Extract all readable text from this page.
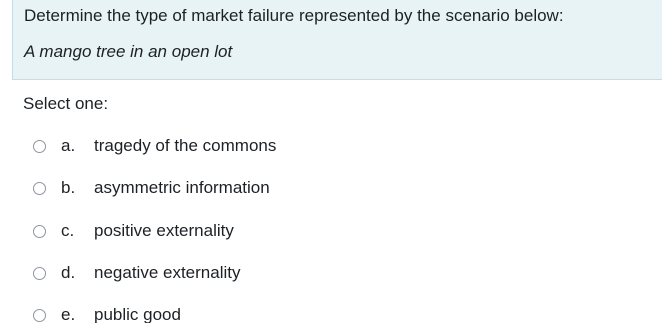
Determine the type of market failure represented by the scenario below:
A mango tree in an open lot
Select one:
a. tragedy of the commons
b. asymmetric information
c. positive externality
d. negative externality
e. public good
